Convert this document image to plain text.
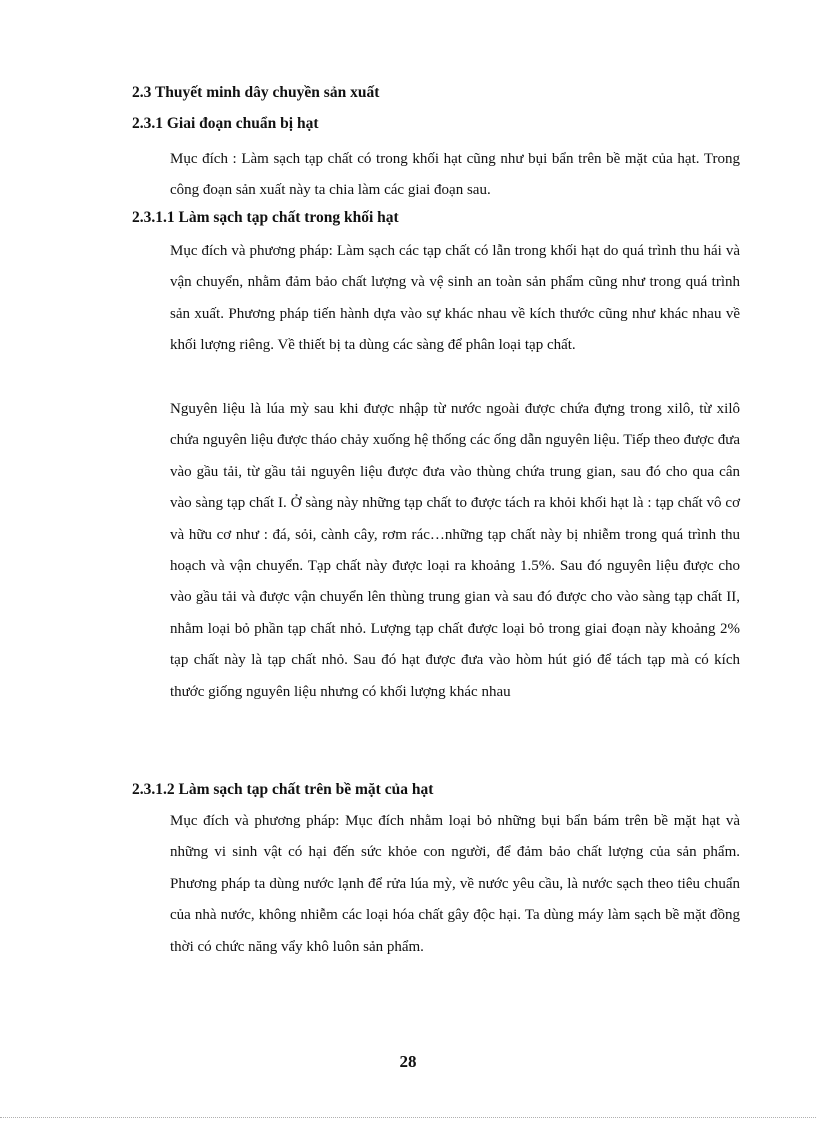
2.3 Thuyết minh dây chuyền sản xuất
2.3.1 Giai đoạn chuẩn bị hạt

Mục đích : Làm sạch tạp chất có trong khối hạt cũng như bụi bẩn trên bề mặt của hạt. Trong công đoạn sản xuất này ta chia làm các giai đoạn sau.

2.3.1.1 Làm sạch tạp chất trong khối hạt

Mục đích và phương pháp: Làm sạch các tạp chất có lẫn trong khối hạt do quá trình thu hái và vận chuyển, nhằm đảm bảo chất lượng và vệ sinh an toàn sản phẩm cũng như trong quá trình sản xuất. Phương pháp tiến hành dựa vào sự khác nhau về kích thước cũng như khác nhau về khối lượng riêng. Về thiết bị ta dùng các sàng để phân loại tạp chất.

Nguyên liệu là lúa mỳ sau khi được nhập từ nước ngoài được chứa đựng trong xilô, từ xilô chứa nguyên liệu được tháo chảy xuống hệ thống các ống dẫn nguyên liệu. Tiếp theo được đưa vào gầu tải, từ gầu tải nguyên liệu được đưa vào thùng chứa trung gian, sau đó cho qua cân vào sàng tạp chất I. Ở sàng này những tạp chất to được tách ra khỏi khối hạt là : tạp chất vô cơ và hữu cơ như : đá, sỏi, cành cây, rơm rác…những tạp chất này bị nhiễm trong quá trình thu hoạch và vận chuyển. Tạp chất này được loại ra khoảng 1.5%. Sau đó nguyên liệu được cho vào gầu tải và được vận chuyển lên thùng trung gian và sau đó được cho vào sàng tạp chất II, nhằm loại bỏ phần tạp chất nhỏ. Lượng tạp chất được loại bỏ trong giai đoạn này khoảng 2% tạp chất này là tạp chất nhỏ. Sau đó hạt được đưa vào hòm hút gió để tách tạp mà có kích thước giống nguyên liệu nhưng có khối lượng khác nhau

2.3.1.2 Làm sạch tạp chất trên bề mặt của hạt

Mục đích và phương pháp: Mục đích nhằm loại bỏ những bụi bẩn bám trên bề mặt hạt và những vi sinh vật có hại đến sức khỏe con người, để đảm bảo chất lượng của sản phẩm. Phương pháp ta dùng nước lạnh để rửa lúa mỳ, về nước yêu cầu, là nước sạch theo tiêu chuẩn của nhà nước, không nhiễm các loại hóa chất gây độc hại. Ta dùng máy làm sạch bề mặt đồng thời có chức năng vẩy khô luôn sản phẩm.

28
